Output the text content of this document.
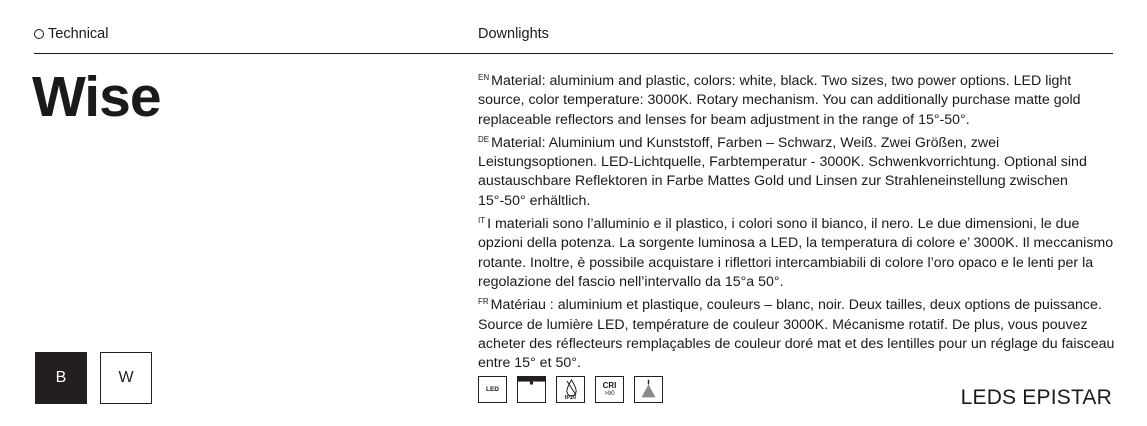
Technical	Downlights
Wise	$^{EN}$ Material: aluminium and plastic, colors: white, black. Two sizes, two power options. LED light source, color temperature: 3000K. Rotary mechanism. You can additionally purchase matte gold replaceable reflectors and lenses for beam adjustment in the range of 15°-50°.

$^{DE}$ Material: Aluminium und Kunststoff, Farben – Schwarz, Weiß. Zwei Größen, zwei Leistungsoptionen. LED-Lichtquelle, Farbtemperatur - 3000K. Schwenkvorrichtung. Optional sind austauschbare Reflektoren in Farbe Mattes Gold und Linsen zur Strahleneinstellung zwischen 15°-50° erhältlich.

$^{IT}$ I materiali sono l’alluminio e il plastico, i colori sono il bianco, il nero. Le due dimensioni, le due opzioni della potenza. La sorgente luminosa a LED, la temperatura di colore e’ 3000K. Il meccanismo rotante. Inoltre, è possibile acquistare i riflettori intercambiabili di colore l’oro opaco e le lenti per la regolazione del fascio nell’intervallo da 15°a 50°.

$^{FR}$ Matériau : aluminium et plastique, couleurs – blanc, noir. Deux tailles, deux options de puissance. Source de lumière LED, température de couleur 3000K. Mécanisme rotatif. De plus, vous pouvez acheter des réflecteurs remplaçables de couleur doré mat et des lentilles pour un réglage du faisceau entre 15° et 50°.

B	W
LED
IP20
CRI
>90	LEDS EPISTAR
